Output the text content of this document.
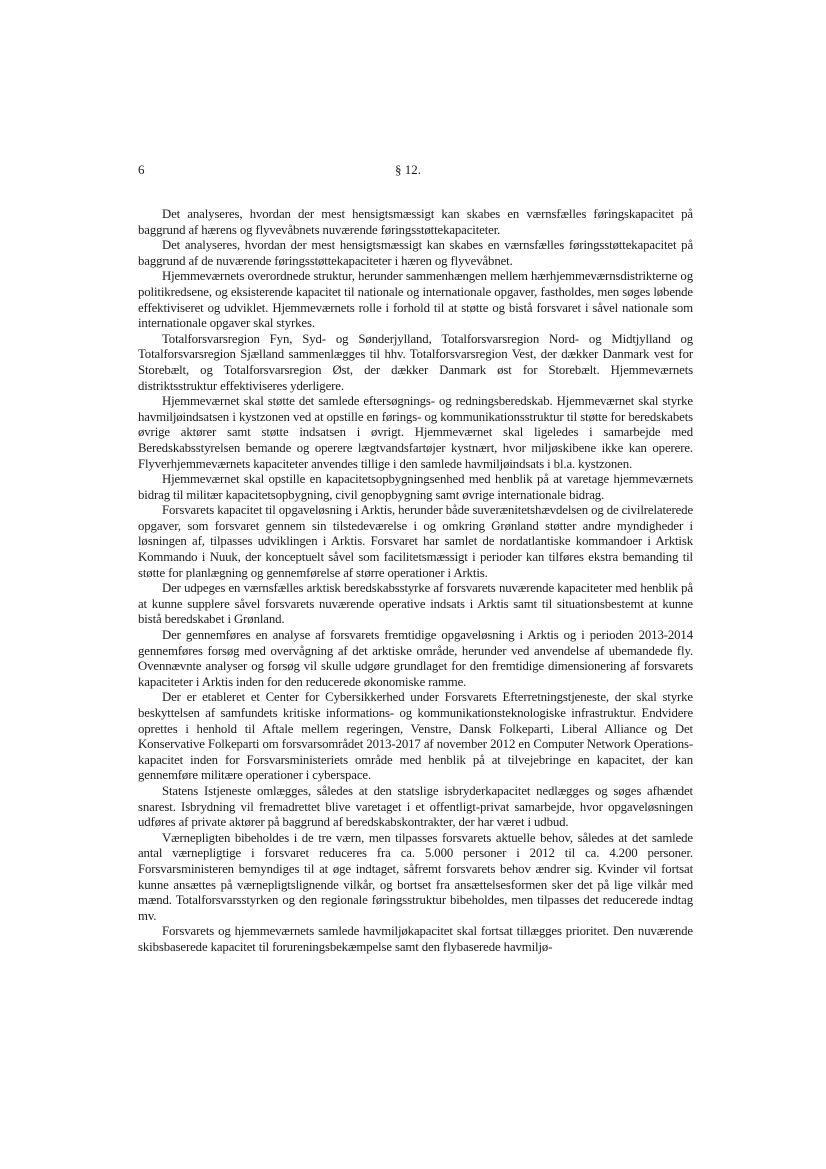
6	§ 12.

Det analyseres, hvordan der mest hensigtsmæssigt kan skabes en værnsfælles føringskapacitet på baggrund af hærens og flyvevåbnets nuværende føringsstøttekapaciteter.

Det analyseres, hvordan der mest hensigtsmæssigt kan skabes en værnsfælles føringsstøttekapacitet på baggrund af de nuværende føringsstøttekapaciteter i hæren og flyvevåbnet.

Hjemmeværnets overordnede struktur, herunder sammenhængen mellem hærhjemmeværnsdistrikterne og politikredsene, og eksisterende kapacitet til nationale og internationale opgaver, fastholdes, men søges løbende effektiviseret og udviklet. Hjemmeværnets rolle i forhold til at støtte og bistå forsvaret i såvel nationale som internationale opgaver skal styrkes.

Totalforsvarsregion Fyn, Syd- og Sønderjylland, Totalforsvarsregion Nord- og Midtjylland og Totalforsvarsregion Sjælland sammenlægges til hhv. Totalforsvarsregion Vest, der dækker Danmark vest for Storebælt, og Totalforsvarsregion Øst, der dækker Danmark øst for Storebælt. Hjemmeværnets distriktsstruktur effektiviseres yderligere.

Hjemmeværnet skal støtte det samlede eftersøgnings- og redningsberedskab. Hjemmeværnet skal styrke havmiljøindsatsen i kystzonen ved at opstille en førings- og kommunikationsstruktur til støtte for beredskabets øvrige aktører samt støtte indsatsen i øvrigt. Hjemmeværnet skal ligeledes i samarbejde med Beredskabsstyrelsen bemande og operere lægtvandsfartøjer kystnært, hvor miljøskibene ikke kan operere. Flyverhjemmeværnets kapaciteter anvendes tillige i den samlede havmiljøindsats i bl.a. kystzonen.

Hjemmeværnet skal opstille en kapacitetsopbygningsenhed med henblik på at varetage hjemmeværnets bidrag til militær kapacitetsopbygning, civil genopbygning samt øvrige internationale bidrag.

Forsvarets kapacitet til opgaveløsning i Arktis, herunder både suverænitetshævdelsen og de civilrelaterede opgaver, som forsvaret gennem sin tilstedeværelse i og omkring Grønland støtter andre myndigheder i løsningen af, tilpasses udviklingen i Arktis. Forsvaret har samlet de nordatlantiske kommandoer i Arktisk Kommando i Nuuk, der konceptuelt såvel som facilitetsmæssigt i perioder kan tilføres ekstra bemanding til støtte for planlægning og gennemførelse af større operationer i Arktis.

Der udpeges en værnsfælles arktisk beredskabsstyrke af forsvarets nuværende kapaciteter med henblik på at kunne supplere såvel forsvarets nuværende operative indsats i Arktis samt til situationsbestemt at kunne bistå beredskabet i Grønland.

Der gennemføres en analyse af forsvarets fremtidige opgaveløsning i Arktis og i perioden 2013-2014 gennemføres forsøg med overvågning af det arktiske område, herunder ved anvendelse af ubemandede fly. Ovennævnte analyser og forsøg vil skulle udgøre grundlaget for den fremtidige dimensionering af forsvarets kapaciteter i Arktis inden for den reducerede økonomiske ramme.

Der er etableret et Center for Cybersikkerhed under Forsvarets Efterretningstjeneste, der skal styrke beskyttelsen af samfundets kritiske informations- og kommunikationsteknologiske infrastruktur. Endvidere oprettes i henhold til Aftale mellem regeringen, Venstre, Dansk Folkeparti, Liberal Alliance og Det Konservative Folkeparti om forsvarsområdet 2013-2017 af november 2012 en Computer Network Operations-kapacitet inden for Forsvarsministeriets område med henblik på at tilvejebringe en kapacitet, der kan gennemføre militære operationer i cyberspace.

Statens Istjeneste omlægges, således at den statslige isbryderkapacitet nedlægges og søges afhændet snarest. Isbrydning vil fremadrettet blive varetaget i et offentligt-privat samarbejde, hvor opgaveløsningen udføres af private aktører på baggrund af beredskabskontrakter, der har været i udbud.

Værnepligten bibeholdes i de tre værn, men tilpasses forsvarets aktuelle behov, således at det samlede antal værnepligtige i forsvaret reduceres fra ca. 5.000 personer i 2012 til ca. 4.200 personer. Forsvarsministeren bemyndiges til at øge indtaget, såfremt forsvarets behov ændrer sig. Kvinder vil fortsat kunne ansættes på værnepligtslignende vilkår, og bortset fra ansættelsesformen sker det på lige vilkår med mænd. Totalforsvarsstyrken og den regionale føringsstruktur bibeholdes, men tilpasses det reducerede indtag mv.

Forsvarets og hjemmeværnets samlede havmiljøkapacitet skal fortsat tillægges prioritet. Den nuværende skibsbaserede kapacitet til forureningsbekæmpelse samt den flybaserede havmiljø-
